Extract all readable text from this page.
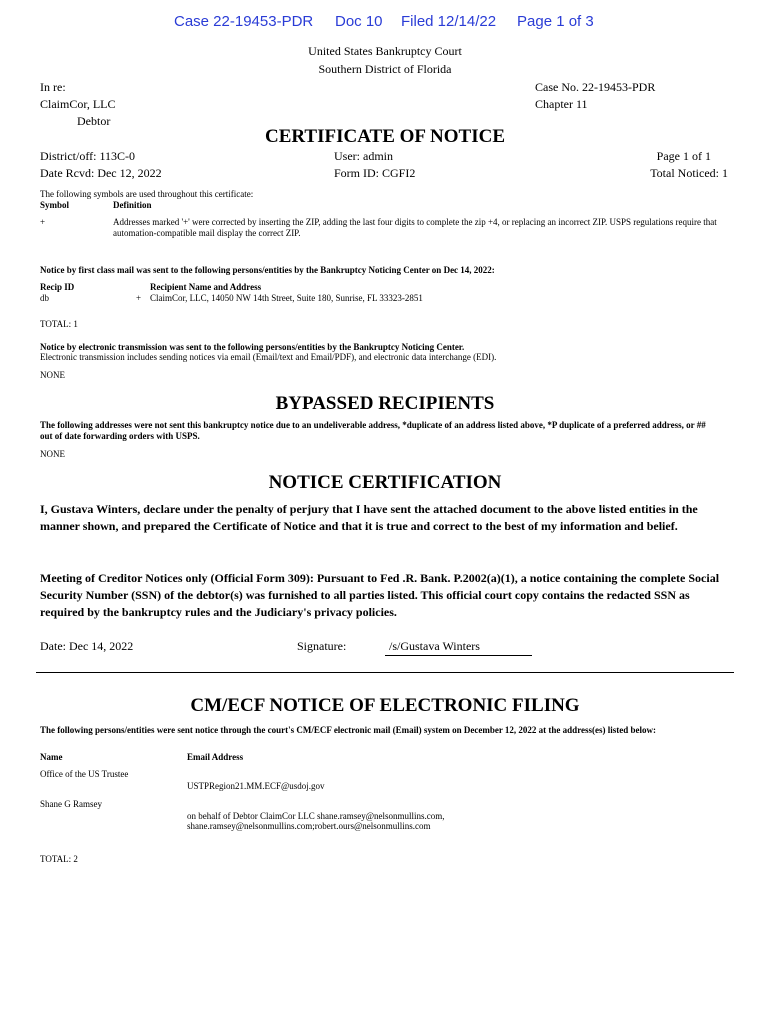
Case 22-19453-PDR Doc 10 Filed 12/14/22 Page 1 of 3
United States Bankruptcy Court
Southern District of Florida
In re:
ClaimCor, LLC
Debtor
Case No. 22-19453-PDR
Chapter 11
CERTIFICATE OF NOTICE
District/off: 113C-0
Date Rcvd: Dec 12, 2022
User: admin
Form ID: CGFI2
Page 1 of 1
Total Noticed: 1
The following symbols are used throughout this certificate:
Symbol	Definition
+	Addresses marked '+' were corrected by inserting the ZIP, adding the last four digits to complete the zip +4, or replacing an incorrect ZIP. USPS regulations require that automation-compatible mail display the correct ZIP.
Notice by first class mail was sent to the following persons/entities by the Bankruptcy Noticing Center on Dec 14, 2022:
Recip ID	Recipient Name and Address
db	+ ClaimCor, LLC, 14050 NW 14th Street, Suite 180, Sunrise, FL 33323-2851
TOTAL: 1
Notice by electronic transmission was sent to the following persons/entities by the Bankruptcy Noticing Center.
Electronic transmission includes sending notices via email (Email/text and Email/PDF), and electronic data interchange (EDI).
NONE
BYPASSED RECIPIENTS
The following addresses were not sent this bankruptcy notice due to an undeliverable address, *duplicate of an address listed above, *P duplicate of a preferred address, or ## out of date forwarding orders with USPS.
NONE
NOTICE CERTIFICATION
I, Gustava Winters, declare under the penalty of perjury that I have sent the attached document to the above listed entities in the manner shown, and prepared the Certificate of Notice and that it is true and correct to the best of my information and belief.
Meeting of Creditor Notices only (Official Form 309): Pursuant to Fed .R. Bank. P.2002(a)(1), a notice containing the complete Social Security Number (SSN) of the debtor(s) was furnished to all parties listed. This official court copy contains the redacted SSN as required by the bankruptcy rules and the Judiciary's privacy policies.
Date: Dec 14, 2022	Signature:	/s/Gustava Winters
CM/ECF NOTICE OF ELECTRONIC FILING
The following persons/entities were sent notice through the court's CM/ECF electronic mail (Email) system on December 12, 2022 at the address(es) listed below:
Name	Email Address
Office of the US Trustee
USTPRegion21.MM.ECF@usdoj.gov
Shane G Ramsey
on behalf of Debtor ClaimCor LLC shane.ramsey@nelsonmullins.com,
shane.ramsey@nelsonmullins.com;robert.ours@nelsonmullins.com
TOTAL: 2
